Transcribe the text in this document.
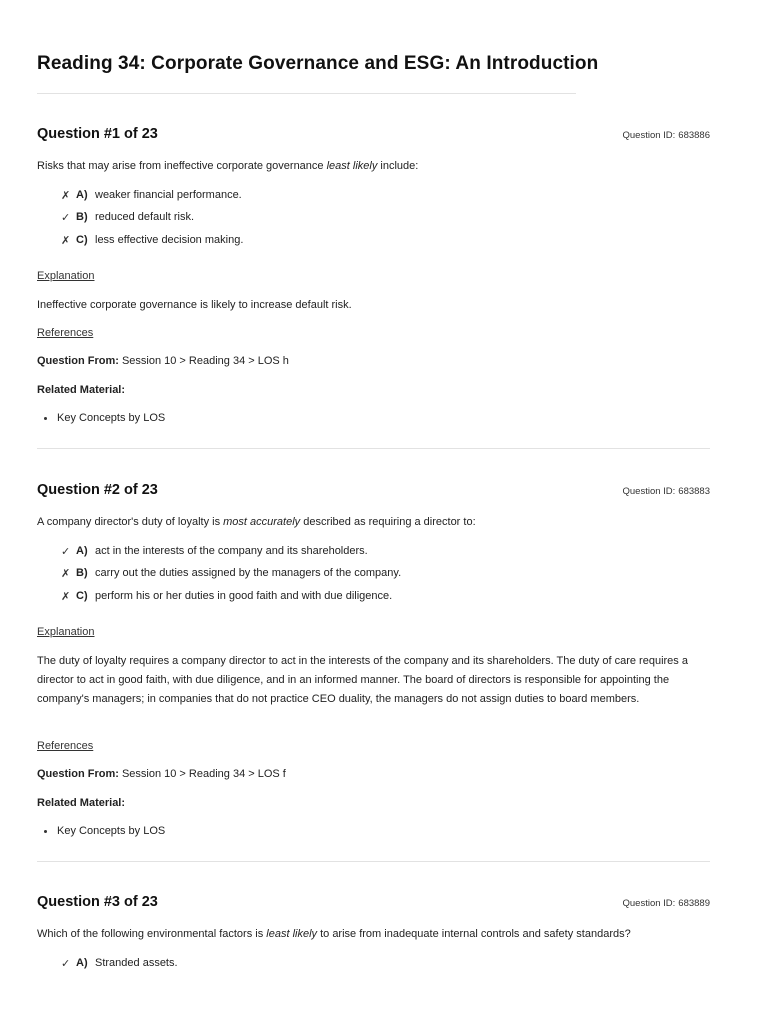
Reading 34: Corporate Governance and ESG: An Introduction
Question #1 of 23	Question ID: 683886
Risks that may arise from ineffective corporate governance least likely include:
✗ A) weaker financial performance.
✓ B) reduced default risk.
✗ C) less effective decision making.
Explanation

Ineffective corporate governance is likely to increase default risk.

References
Question From: Session 10 > Reading 34 > LOS h
Related Material:
Key Concepts by LOS
Question #2 of 23	Question ID: 683883
A company director's duty of loyalty is most accurately described as requiring a director to:
✓ A) act in the interests of the company and its shareholders.
✗ B) carry out the duties assigned by the managers of the company.
✗ C) perform his or her duties in good faith and with due diligence.
Explanation

The duty of loyalty requires a company director to act in the interests of the company and its shareholders. The duty of care requires a director to act in good faith, with due diligence, and in an informed manner. The board of directors is responsible for appointing the company's managers; in companies that do not practice CEO duality, the managers do not assign duties to board members.

References
Question From: Session 10 > Reading 34 > LOS f
Related Material:
Key Concepts by LOS
Question #3 of 23	Question ID: 683889
Which of the following environmental factors is least likely to arise from inadequate internal controls and safety standards?
✓ A) Stranded assets.
